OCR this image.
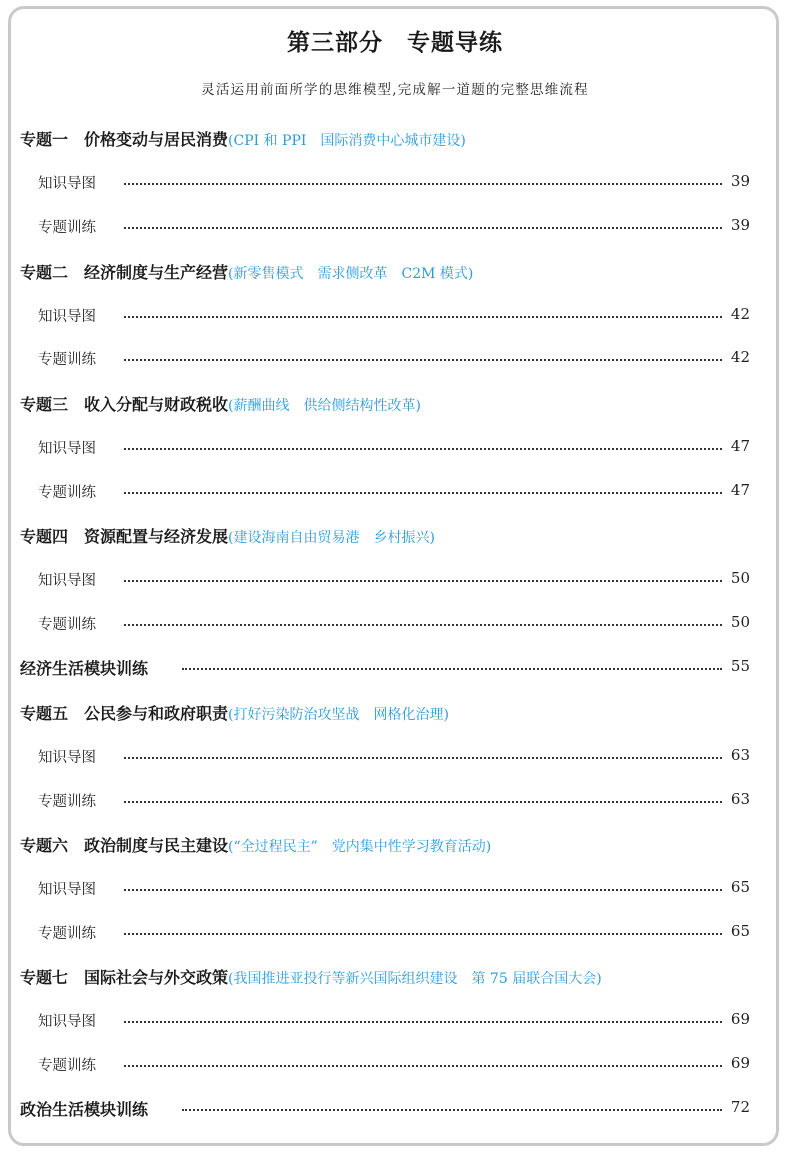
第三部分　专题导练
灵活运用前面所学的思维模型,完成解一道题的完整思维流程
专题一　价格变动与居民消费(CPI 和 PPI　国际消费中心城市建设)
知识导图	39
专题训练	39
专题二　经济制度与生产经营(新零售模式　需求侧改革　C2M 模式)
知识导图	42
专题训练	42
专题三　收入分配与财政税收(薪酬曲线　供给侧结构性改革)
知识导图	47
专题训练	47
专题四　资源配置与经济发展(建设海南自由贸易港　乡村振兴)
知识导图	50
专题训练	50
经济生活模块训练	55
专题五　公民参与和政府职责(打好污染防治攻坚战　网格化治理)
知识导图	63
专题训练	63
专题六　政治制度与民主建设(“全过程民主”　党内集中性学习教育活动)
知识导图	65
专题训练	65
专题七　国际社会与外交政策(我国推进亚投行等新兴国际组织建设　第 75 届联合国大会)
知识导图	69
专题训练	69
政治生活模块训练	72
